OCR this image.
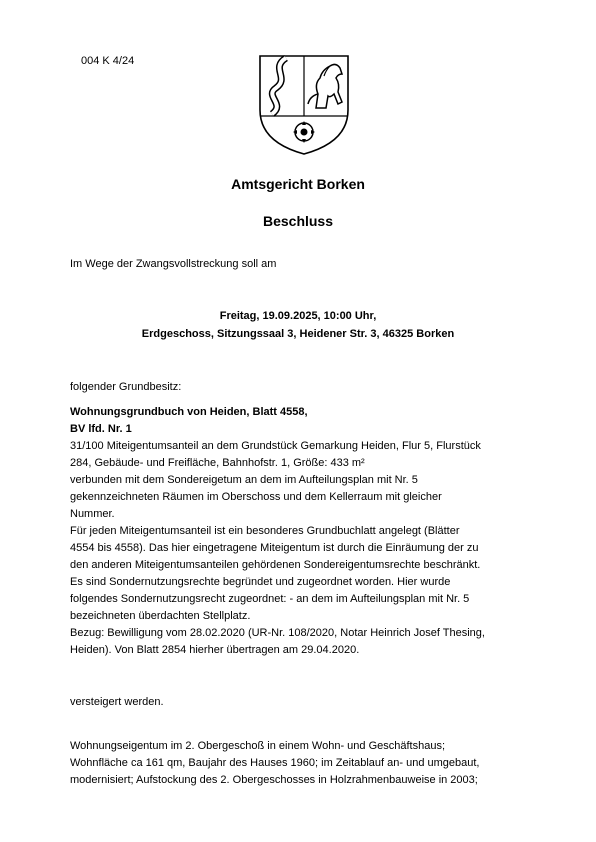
004 K 4/24
Amtsgericht Borken
Beschluss
Im Wege der Zwangsvollstreckung soll am
Freitag, 19.09.2025, 10:00 Uhr,
Erdgeschoss, Sitzungssaal 3, Heidener Str. 3, 46325 Borken
folgender Grundbesitz:
Wohnungsgrundbuch von Heiden, Blatt 4558,
BV lfd. Nr. 1
31/100 Miteigentumsanteil an dem Grundstück Gemarkung Heiden, Flur 5, Flurstück
284, Gebäude- und Freifläche, Bahnhofstr. 1, Größe: 433 m²
verbunden mit dem Sondereigetum an dem im Aufteilungsplan mit Nr. 5
gekennzeichneten Räumen im Oberschoss und dem Kellerraum mit gleicher
Nummer.
Für jeden Miteigentumsanteil ist ein besonderes Grundbuchlatt angelegt (Blätter
4554 bis 4558). Das hier eingetragene Miteigentum ist durch die Einräumung der zu
den anderen Miteigentumsanteilen gehördenen Sondereigentumsrechte beschränkt.
Es sind Sondernutzungsrechte begründet und zugeordnet worden. Hier wurde
folgendes Sondernutzungsrecht zugeordnet: - an dem im Aufteilungsplan mit Nr. 5
bezeichneten überdachten Stellplatz.
Bezug: Bewilligung vom 28.02.2020 (UR-Nr. 108/2020, Notar Heinrich Josef Thesing,
Heiden). Von Blatt 2854 hierher übertragen am 29.04.2020.
versteigert werden.
Wohnungseigentum im 2. Obergeschoß in einem Wohn- und Geschäftshaus;
Wohnfläche ca 161 qm, Baujahr des Hauses 1960; im Zeitablauf an- und umgebaut,
modernisiert; Aufstockung des 2. Obergeschosses in Holzrahmenbauweise in 2003;
